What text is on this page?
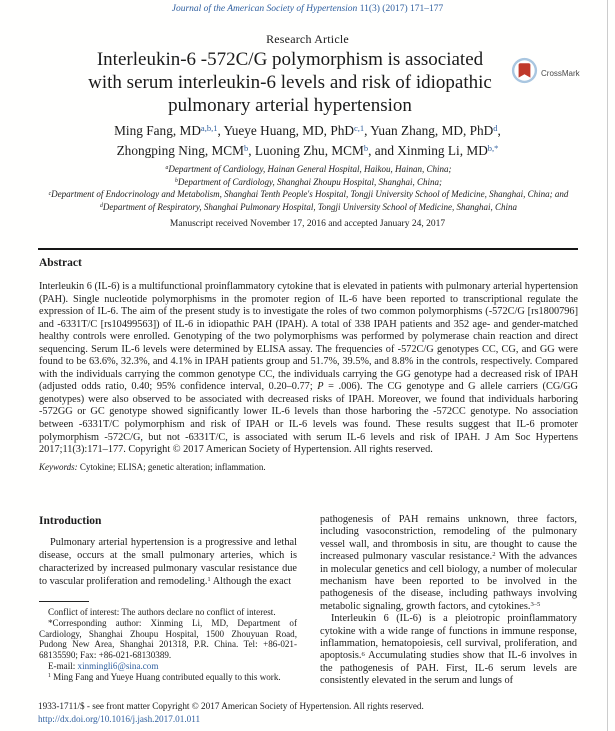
Journal of the American Society of Hypertension 11(3) (2017) 171–177
Research Article
Interleukin-6 -572C/G polymorphism is associated
with serum interleukin-6 levels and risk of idiopathic
pulmonary arterial hypertension
CrossMark
Ming Fang, MD$^{a,b,1}$, Yueye Huang, MD, PhD$^{c,1}$, Yuan Zhang, MD, PhD$^d$,
Zhongping Ning, MCM$^b$, Luoning Zhu, MCM$^b$, and Xinming Li, $MD^{b,*}$
$^a$Department of Cardiology, Hainan General Hospital, Haikou, Hainan, China;
$^b$Department of Cardiology, Shanghai Zhoupu Hospital, Shanghai, China;
$^c$Department of Endocrinology and Metabolism, Shanghai Tenth People's Hospital, Tongji University School of Medicine, Shanghai, China; and
$^d$Department of Respiratory, Shanghai Pulmonary Hospital, Tongji University School of Medicine, Shanghai, China
Manuscript received November 17, 2016 and accepted January 24, 2017
Abstract
Interleukin 6 (IL-6) is a multifunctional proinflammatory cytokine that is elevated in patients with pulmonary arterial hypertension (PAH). Single nucleotide polymorphisms in the promoter region of IL-6 have been reported to transcriptional regulate the expression of IL-6. The aim of the present study is to investigate the roles of two common polymorphisms (-572C/G [rs1800796] and -6331T/C [rs10499563]) of IL-6 in idiopathic PAH (IPAH). A total of 338 IPAH patients and 352 age- and gender-matched healthy controls were enrolled. Genotyping of the two polymorphisms was performed by polymerase chain reaction and direct sequencing. Serum IL-6 levels were determined by ELISA assay. The frequencies of -572C/G genotypes CC, CG, and GG were found to be 63.6%, 32.3%, and 4.1% in IPAH patients group and 51.7%, 39.5%, and 8.8% in the controls, respectively. Compared with the individuals carrying the common genotype CC, the individuals carrying the GG genotype had a decreased risk of IPAH (adjusted odds ratio, 0.40; 95% confidence interval, 0.20–0.77; P = .006). The CG genotype and G allele carriers (CG/GG genotypes) were also observed to be associated with decreased risks of IPAH. Moreover, we found that individuals harboring -572GG or GC genotype showed significantly lower IL-6 levels than those harboring the -572CC genotype. No association between -6331T/C polymorphism and risk of IPAH or IL-6 levels was found. These results suggest that IL-6 promoter polymorphism -572C/G, but not -6331T/C, is associated with serum IL-6 levels and risk of IPAH. J Am Soc Hypertens 2017;11(3):171–177. Copyright © 2017 American Society of Hypertension. All rights reserved.
Keywords: Cytokine; ELISA; genetic alteration; inflammation.
Introduction

Pulmonary arterial hypertension is a progressive and lethal disease, occurs at the small pulmonary arteries, which is characterized by increased pulmonary vascular resistance due to vascular proliferation and remodeling.$^1$ Although the exact

Conflict of interest: The authors declare no conflict of interest.

*Corresponding author: Xinming Li, MD, Department of Cardiology, Shanghai Zhoupu Hospital, 1500 Zhouyuan Road, Pudong New Area, Shanghai 201318, P.R. China. Tel: +86-021-68135590; Fax: +86-021-68130389.

E-mail: xinmingli6@sina.com

$^1$ Ming Fang and Yueye Huang contributed equally to this work.

pathogenesis of PAH remains unknown, three factors, including vasoconstriction, remodeling of the pulmonary vessel wall, and thrombosis in situ, are thought to cause the increased pulmonary vascular resistance.$^2$ With the advances in molecular genetics and cell biology, a number of molecular mechanism have been reported to be involved in the pathogenesis of the disease, including pathways involving metabolic signaling, growth factors, and cytokines.$^{3-5}$

Interleukin 6 (IL-6) is a pleiotropic proinflammatory cytokine with a wide range of functions in immune response, inflammation, hematopoiesis, cell survival, proliferation, and apoptosis.$^6$ Accumulating studies show that IL-6 involves in the pathogenesis of PAH. First, IL-6 serum levels are consistently elevated in the serum and lungs of

1933-1711/$ - see front matter Copyright © 2017 American Society of Hypertension. All rights reserved.
http://dx.doi.org/10.1016/j.jash.2017.01.011
